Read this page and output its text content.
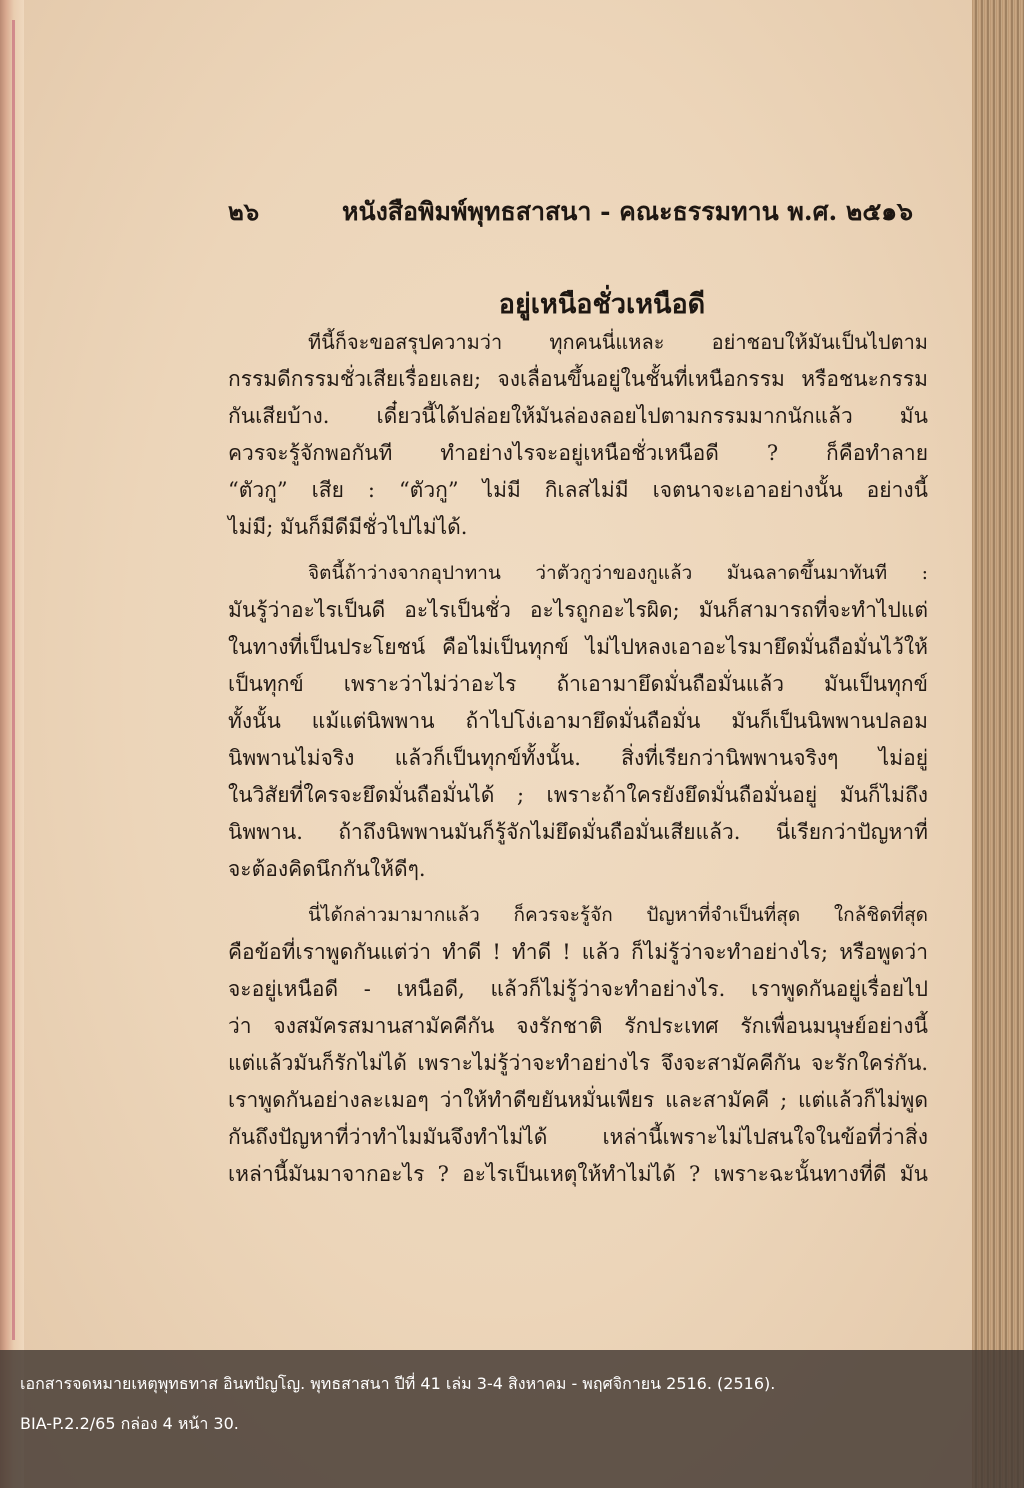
๒๖	หนังสือพิมพ์พุทธสาสนา - คณะธรรมทาน พ.ศ. ๒๕๑๖
อยู่เหนือชั่วเหนือดี
ทีนี้ก็จะขอสรุปความว่า ทุกคนนี่แหละ อย่าชอบให้มันเป็นไปตาม
กรรมดีกรรมชั่วเสียเรื่อยเลย; จงเลื่อนขึ้นอยู่ในชั้นที่เหนือกรรม หรือชนะกรรม
กันเสียบ้าง. เดี๋ยวนี้ได้ปล่อยให้มันล่องลอยไปตามกรรมมากนักแล้ว มัน
ควรจะรู้จักพอกันที ทำอย่างไรจะอยู่เหนือชั่วเหนือดี ? ก็คือทำลาย
“ตัวกู” เสีย : “ตัวกู” ไม่มี กิเลสไม่มี เจตนาจะเอาอย่างนั้น อย่างนี้
ไม่มี; มันก็มีดีมีชั่วไปไม่ได้.
จิตนี้ถ้าว่างจากอุปาทาน ว่าตัวกูว่าของกูแล้ว มันฉลาดขึ้นมาทันที :
มันรู้ว่าอะไรเป็นดี อะไรเป็นชั่ว อะไรถูกอะไรผิด; มันก็สามารถที่จะทำไปแต่
ในทางที่เป็นประโยชน์ คือไม่เป็นทุกข์ ไม่ไปหลงเอาอะไรมายึดมั่นถือมั่นไว้ให้
เป็นทุกข์ เพราะว่าไม่ว่าอะไร ถ้าเอามายึดมั่นถือมั่นแล้ว มันเป็นทุกข์
ทั้งนั้น แม้แต่นิพพาน ถ้าไปโง่เอามายึดมั่นถือมั่น มันก็เป็นนิพพานปลอม
นิพพานไม่จริง แล้วก็เป็นทุกข์ทั้งนั้น. สิ่งที่เรียกว่านิพพานจริงๆ ไม่อยู่
ในวิสัยที่ใครจะยึดมั่นถือมั่นได้ ; เพราะถ้าใครยังยึดมั่นถือมั่นอยู่ มันก็ไม่ถึง
นิพพาน. ถ้าถึงนิพพานมันก็รู้จักไม่ยึดมั่นถือมั่นเสียแล้ว. นี่เรียกว่าปัญหาที่
จะต้องคิดนึกกันให้ดีๆ.
นี่ได้กล่าวมามากแล้ว ก็ควรจะรู้จัก ปัญหาที่จำเป็นที่สุด ใกล้ชิดที่สุด
คือข้อที่เราพูดกันแต่ว่า ทำดี ! ทำดี ! แล้ว ก็ไม่รู้ว่าจะทำอย่างไร; หรือพูดว่า
จะอยู่เหนือดี - เหนือดี, แล้วก็ไม่รู้ว่าจะทำอย่างไร. เราพูดกันอยู่เรื่อยไป
ว่า จงสมัครสมานสามัคคีกัน จงรักชาติ รักประเทศ รักเพื่อนมนุษย์อย่างนี้
แต่แล้วมันก็รักไม่ได้ เพราะไม่รู้ว่าจะทำอย่างไร จึงจะสามัคคีกัน จะรักใคร่กัน.
เราพูดกันอย่างละเมอๆ ว่าให้ทำดีขยันหมั่นเพียร และสามัคคี ; แต่แล้วก็ไม่พูด
กันถึงปัญหาที่ว่าทำไมมันจึงทำไม่ได้ เหล่านี้เพราะไม่ไปสนใจในข้อที่ว่าสิ่ง
เหล่านี้มันมาจากอะไร ? อะไรเป็นเหตุให้ทำไม่ได้ ? เพราะฉะนั้นทางที่ดี มัน
เอกสารจดหมายเหตุพุทธทาส อินทปัญโญ. พุทธสาสนา ปีที่ 41 เล่ม 3-4 สิงหาคม - พฤศจิกายน 2516. (2516).
BIA-P.2.2/65 กล่อง 4 หน้า 30.
